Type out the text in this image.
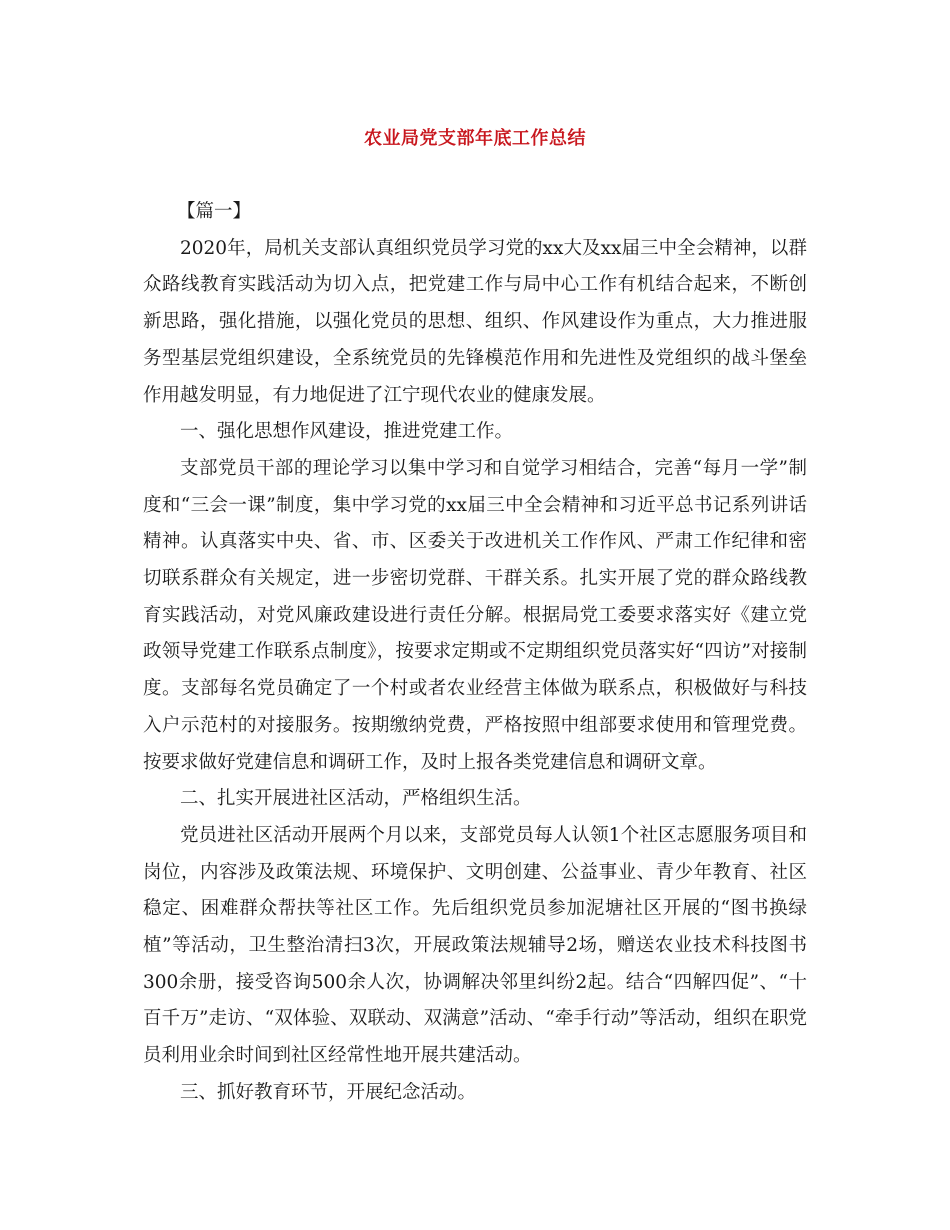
农业局党支部年底工作总结

【篇一】

2020年，局机关支部认真组织党员学习党的xx大及xx届三中全会精神，以群众路线教育实践活动为切入点，把党建工作与局中心工作有机结合起来，不断创新思路，强化措施，以强化党员的思想、组织、作风建设作为重点，大力推进服务型基层党组织建设，全系统党员的先锋模范作用和先进性及党组织的战斗堡垒作用越发明显，有力地促进了江宁现代农业的健康发展。

一、强化思想作风建设，推进党建工作。

支部党员干部的理论学习以集中学习和自觉学习相结合，完善“每月一学”制度和“三会一课”制度，集中学习党的xx届三中全会精神和习近平总书记系列讲话精神。认真落实中央、省、市、区委关于改进机关工作作风、严肃工作纪律和密切联系群众有关规定，进一步密切党群、干群关系。扎实开展了党的群众路线教育实践活动，对党风廉政建设进行责任分解。根据局党工委要求落实好《建立党政领导党建工作联系点制度》，按要求定期或不定期组织党员落实好“四访”对接制度。支部每名党员确定了一个村或者农业经营主体做为联系点，积极做好与科技入户示范村的对接服务。按期缴纳党费，严格按照中组部要求使用和管理党费。按要求做好党建信息和调研工作，及时上报各类党建信息和调研文章。

二、扎实开展进社区活动，严格组织生活。

党员进社区活动开展两个月以来，支部党员每人认领1个社区志愿服务项目和岗位，内容涉及政策法规、环境保护、文明创建、公益事业、青少年教育、社区稳定、困难群众帮扶等社区工作。先后组织党员参加泥塘社区开展的“图书换绿植”等活动，卫生整治清扫3次，开展政策法规辅导2场，赠送农业技术科技图书300余册，接受咨询500余人次，协调解决邻里纠纷2起。结合“四解四促”、“十百千万”走访、“双体验、双联动、双满意”活动、“牵手行动”等活动，组织在职党员利用业余时间到社区经常性地开展共建活动。

三、抓好教育环节，开展纪念活动。
